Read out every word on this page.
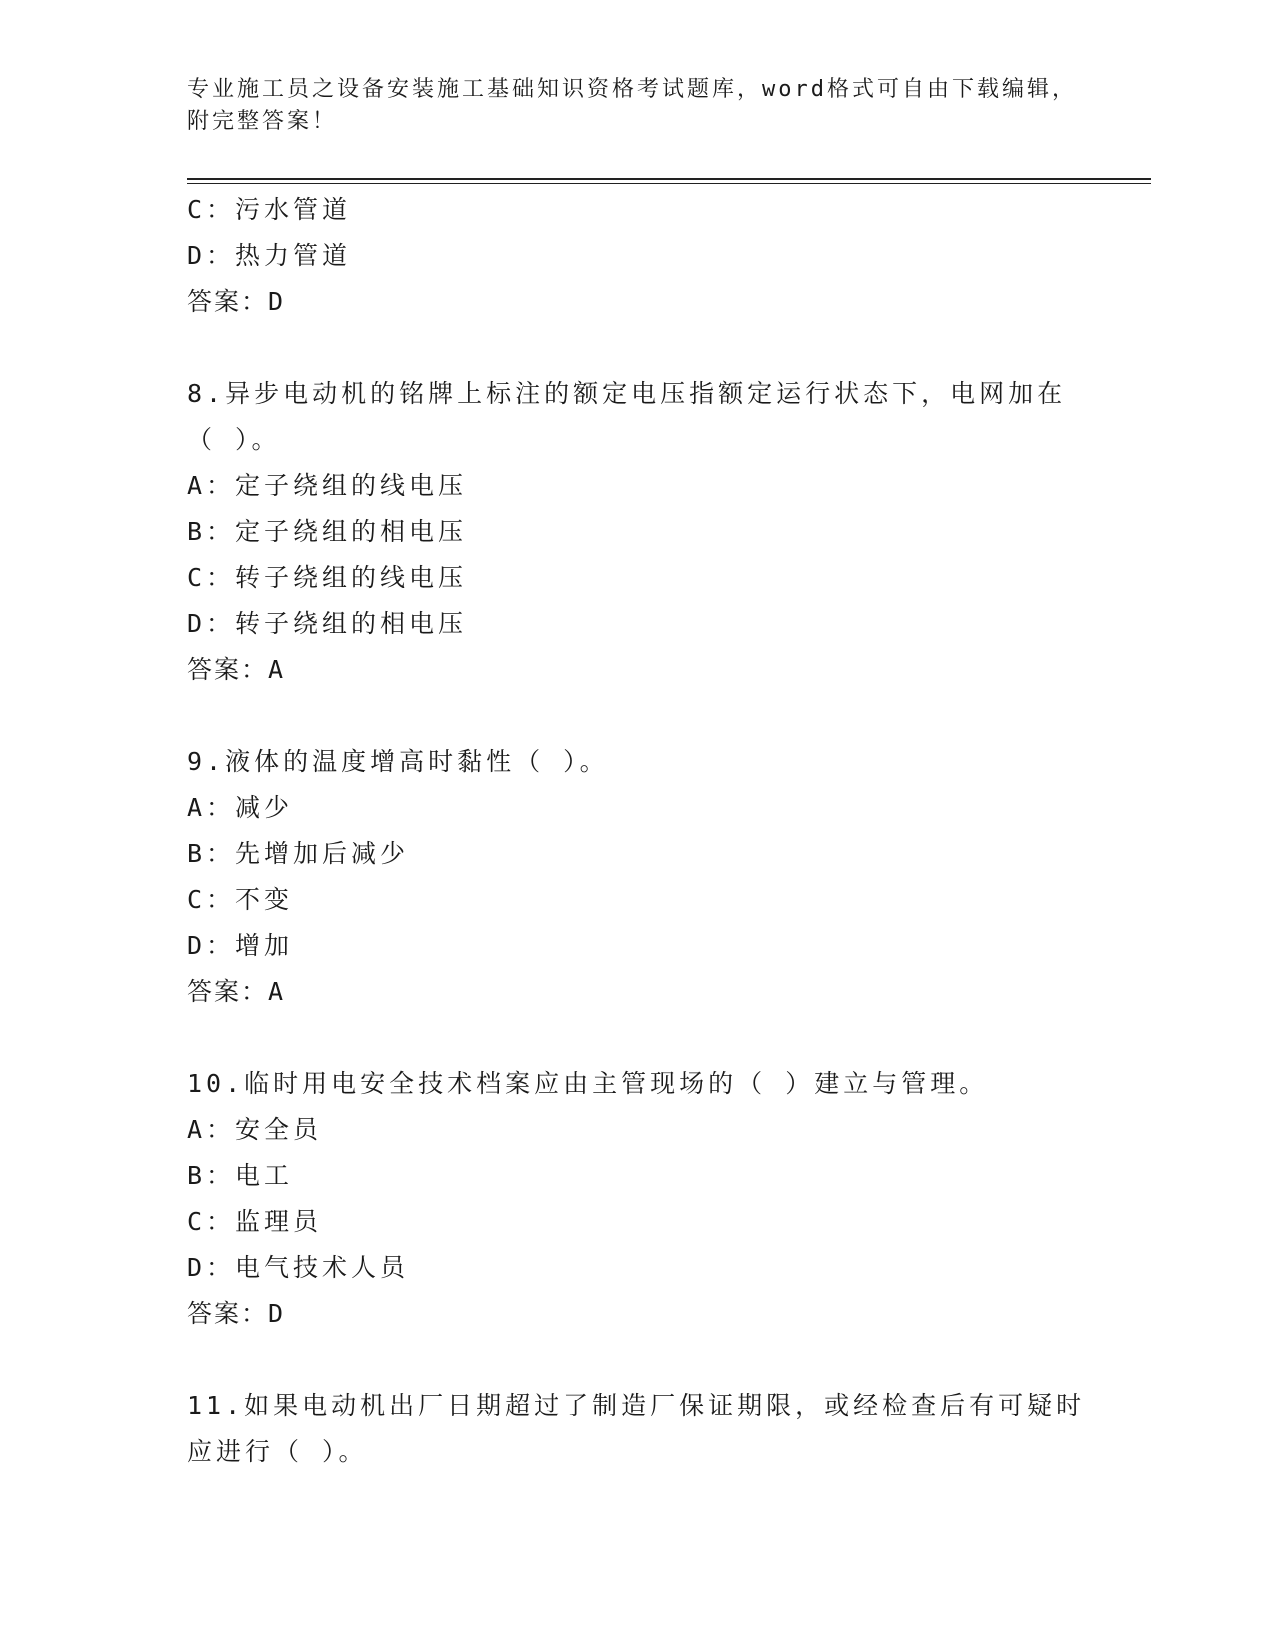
专业施工员之设备安装施工基础知识资格考试题库，word格式可自由下载编辑，
附完整答案！
C：污水管道
D：热力管道
答案：D
8.异步电动机的铭牌上标注的额定电压指额定运行状态下，电网加在
（ ）。
A：定子绕组的线电压
B：定子绕组的相电压
C：转子绕组的线电压
D：转子绕组的相电压
答案：A
9.液体的温度增高时黏性（ ）。
A：减少
B：先增加后减少
C：不变
D：增加
答案：A
10.临时用电安全技术档案应由主管现场的（ ）建立与管理。
A：安全员
B：电工
C：监理员
D：电气技术人员
答案：D
11.如果电动机出厂日期超过了制造厂保证期限，或经检查后有可疑时
应进行（ ）。
